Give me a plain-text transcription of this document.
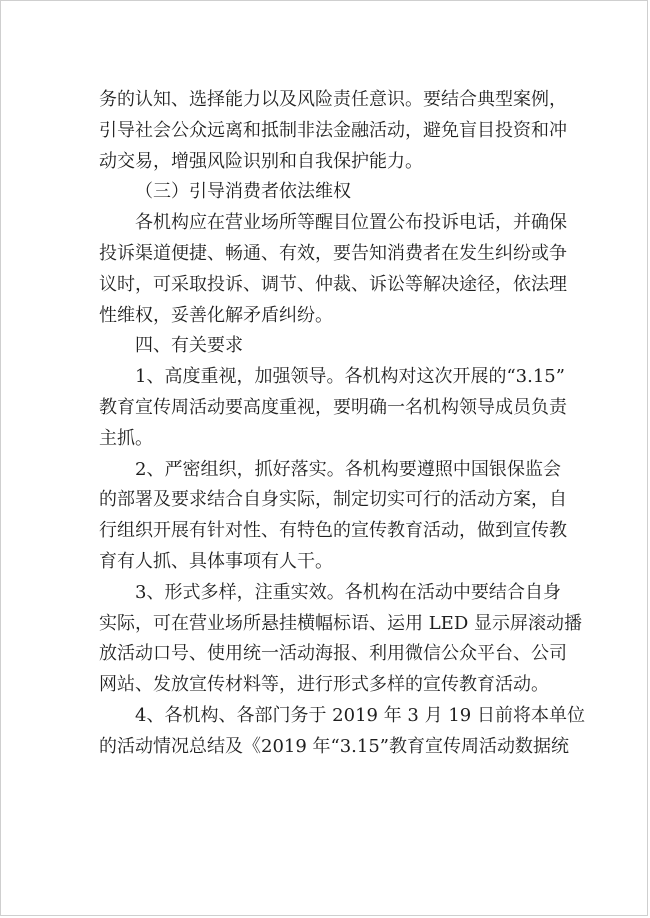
务的认知、选择能力以及风险责任意识。要结合典型案例，
引导社会公众远离和抵制非法金融活动，避免盲目投资和冲
动交易，增强风险识别和自我保护能力。
（三）引导消费者依法维权
各机构应在营业场所等醒目位置公布投诉电话，并确保
投诉渠道便捷、畅通、有效，要告知消费者在发生纠纷或争
议时，可采取投诉、调节、仲裁、诉讼等解决途径，依法理
性维权，妥善化解矛盾纠纷。
四、有关要求
1、高度重视，加强领导。各机构对这次开展的“3.15”
教育宣传周活动要高度重视，要明确一名机构领导成员负责
主抓。
2、严密组织，抓好落实。各机构要遵照中国银保监会
的部署及要求结合自身实际，制定切实可行的活动方案，自
行组织开展有针对性、有特色的宣传教育活动，做到宣传教
育有人抓、具体事项有人干。
3、形式多样，注重实效。各机构在活动中要结合自身
实际，可在营业场所悬挂横幅标语、运用 LED 显示屏滚动播
放活动口号、使用统一活动海报、利用微信公众平台、公司
网站、发放宣传材料等，进行形式多样的宣传教育活动。
4、各机构、各部门务于 2019 年 3 月 19 日前将本单位
的活动情况总结及《2019 年“3.15”教育宣传周活动数据统
